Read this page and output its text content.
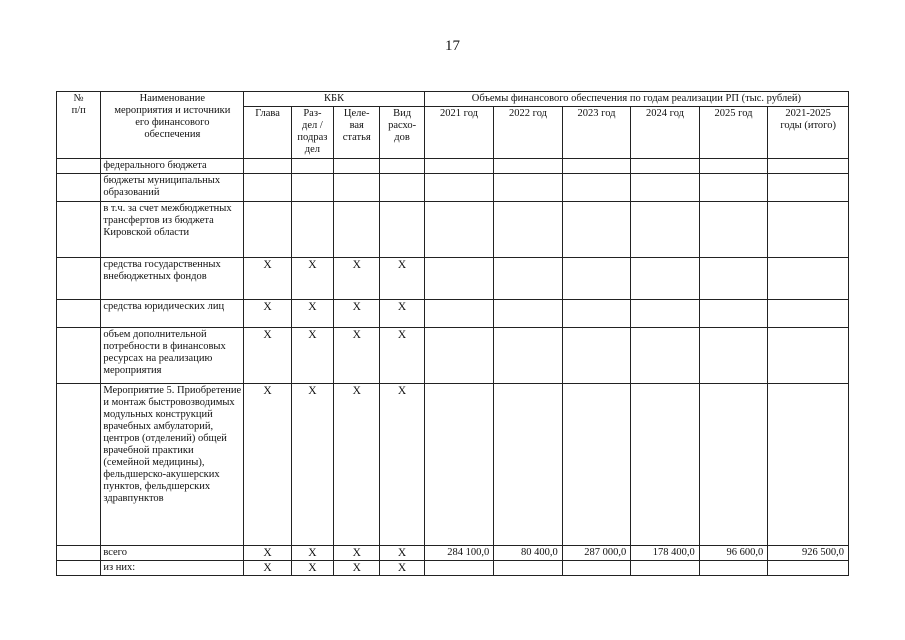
17
№
п/п	Наименование
мероприятия и источники
его финансового
обеспечения	КБК				Объемы финансового обеспечения по годам реализации РП (тыс. рублей)					
		Глава	Раз-
дел /
подраз
дел	Целе-
вая
статья	Вид
расхо-
дов	2021 год	2022 год	2023 год	2024 год	2025 год	2021-2025
годы (итого)
	федерального бюджета										
	бюджеты муниципальных образований										
	в т.ч. за счет межбюджетных трансфертов из бюджета Кировской области										
	средства государственных внебюджетных фондов	X	X	X	X						
	средства юридических лиц	X	X	X	X						
	объем дополнительной потребности в финансовых ресурсах на реализацию мероприятия	X	X	X	X						
	Мероприятие 5. Приобретение и монтаж быстровозводимых модульных конструкций врачебных амбулаторий, центров (отделений) общей врачебной практики (семейной медицины), фельдшерско-акушерских пунктов, фельдшерских здравпунктов	X	X	X	X						
	всего	X	X	X	X	284 100,0	80 400,0	287 000,0	178 400,0	96 600,0	926 500,0
	из них:	X	X	X	X						
